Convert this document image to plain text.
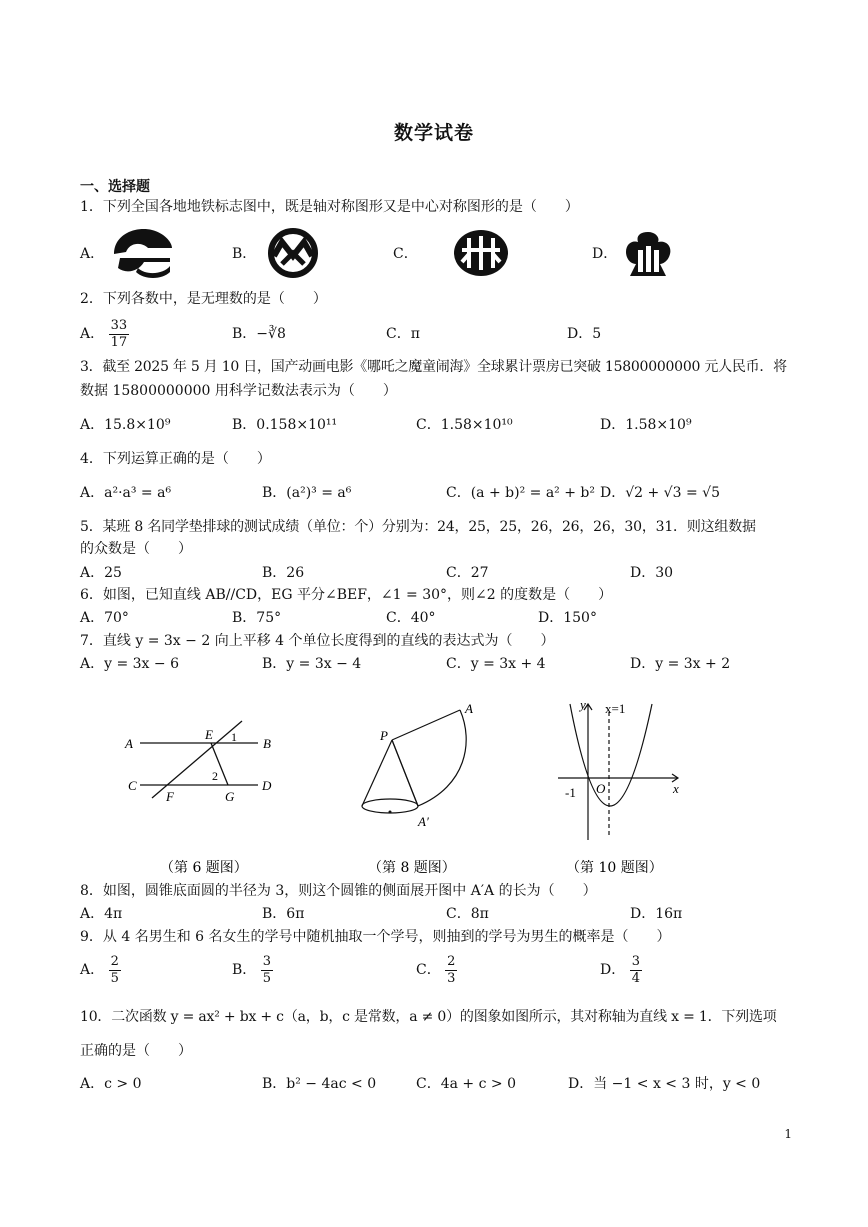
数学试卷
一、选择题
1．下列全国各地地铁标志图中，既是轴对称图形又是中心对称图形的是（　　）
A．	B．	C．	D．
2．下列各数中，是无理数的是（　　）
A． $\frac{33}{17}$	B．−∛8	C．π	D．5
3．截至 2025 年 5 月 10 日，国产动画电影《哪吒之魔童闹海》全球累计票房已突破 15800000000 元人民币．将
数据 15800000000 用科学记数法表示为（　　）
A．15.8×10⁹	B．0.158×10¹¹	C．1.58×10¹⁰	D．1.58×10⁹
4．下列运算正确的是（　　）
A．a²·a³ = a⁶	B．(a²)³ = a⁶	C．(a + b)² = a² + b² D．√2 + √3 = √5
5．某班 8 名同学垫排球的测试成绩（单位：个）分别为：24，25，25，26，26，26，30，31．则这组数据
的众数是（　　）
A．25	B．26	C．27	D．30
6．如图，已知直线 AB//CD，EG 平分∠BEF，∠1 = 30°，则∠2 的度数是（　　）
A．70°	B．75°	C．40°	D．150°
7．直线 y = 3x − 2 向上平移 4 个单位长度得到的直线的表达式为（　　）
A．y = 3x − 6	B．y = 3x − 4	C．y = 3x + 4	D．y = 3x + 2
A	B
C	D
E
F	G
1
2
（第 6 题图）
P
A
A′
（第 8 题图）
y
x
x=1
-1 O
（第 10 题图）
8．如图，圆锥底面圆的半径为 3，则这个圆锥的侧面展开图中 A′A 的长为（　　）
A．4π	B．6π	C．8π	D．16π
9．从 4 名男生和 6 名女生的学号中随机抽取一个学号，则抽到的学号为男生的概率是（　　）
A． $\frac{2}{5}$	B． $\frac{3}{5}$	C． $\frac{2}{3}$	D． $\frac{3}{4}$
10．二次函数 y = ax² + bx + c（a，b，c 是常数，a ≠ 0）的图象如图所示，其对称轴为直线 x = 1．下列选项
正确的是（　　）
A．c > 0	B．b² − 4ac < 0	C．4a + c > 0	D．当 −1 < x < 3 时，y < 0
1
